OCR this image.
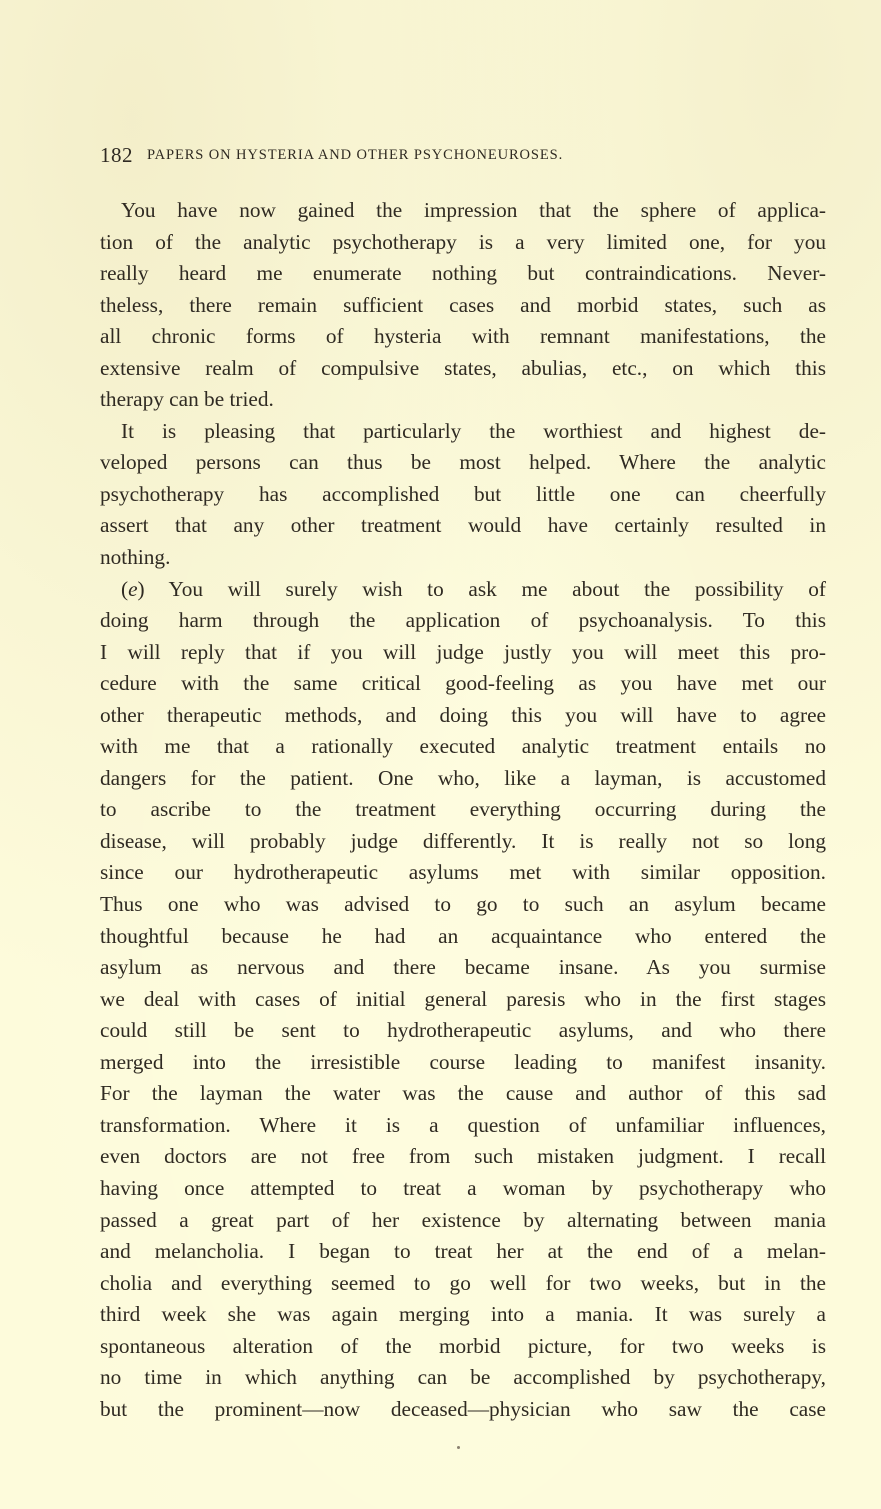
182 PAPERS ON HYSTERIA AND OTHER PSYCHONEUROSES.
You have now gained the impression that the sphere of applica-
tion of the analytic psychotherapy is a very limited one, for you
really heard me enumerate nothing but contraindications. Never-
theless, there remain sufficient cases and morbid states, such as
all chronic forms of hysteria with remnant manifestations, the
extensive realm of compulsive states, abulias, etc., on which this
therapy can be tried.
It is pleasing that particularly the worthiest and highest de-
veloped persons can thus be most helped. Where the analytic
psychotherapy has accomplished but little one can cheerfully
assert that any other treatment would have certainly resulted in
nothing.
(e) You will surely wish to ask me about the possibility of
doing harm through the application of psychoanalysis. To this
I will reply that if you will judge justly you will meet this pro-
cedure with the same critical good-feeling as you have met our
other therapeutic methods, and doing this you will have to agree
with me that a rationally executed analytic treatment entails no
dangers for the patient. One who, like a layman, is accustomed
to ascribe to the treatment everything occurring during the
disease, will probably judge differently. It is really not so long
since our hydrotherapeutic asylums met with similar opposition.
Thus one who was advised to go to such an asylum became
thoughtful because he had an acquaintance who entered the
asylum as nervous and there became insane. As you surmise
we deal with cases of initial general paresis who in the first stages
could still be sent to hydrotherapeutic asylums, and who there
merged into the irresistible course leading to manifest insanity.
For the layman the water was the cause and author of this sad
transformation. Where it is a question of unfamiliar influences,
even doctors are not free from such mistaken judgment. I recall
having once attempted to treat a woman by psychotherapy who
passed a great part of her existence by alternating between mania
and melancholia. I began to treat her at the end of a melan-
cholia and everything seemed to go well for two weeks, but in the
third week she was again merging into a mania. It was surely a
spontaneous alteration of the morbid picture, for two weeks is
no time in which anything can be accomplished by psychotherapy,
but the prominent—now deceased—physician who saw the case
